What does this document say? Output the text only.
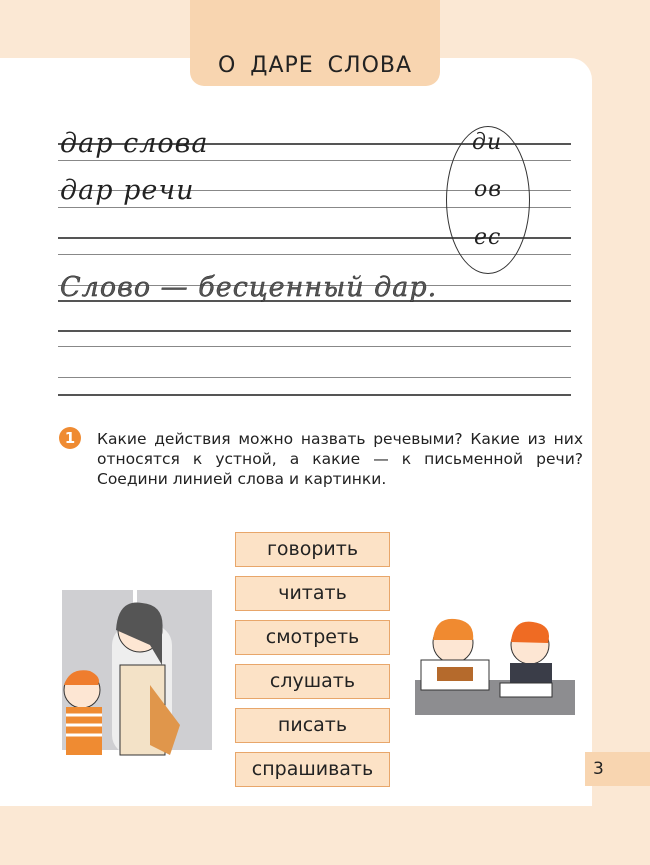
О ДАРЕ СЛОВА
дар слова
дар речи
ди
ов
ес
Слово — бесценный дар.
1	Какие действия можно назвать речевыми? Какие из них относятся к устной, а какие — к письменной речи? Соедини линией слова и картинки.
говорить
читать
смотреть
слушать
писать
спрашивать	3
